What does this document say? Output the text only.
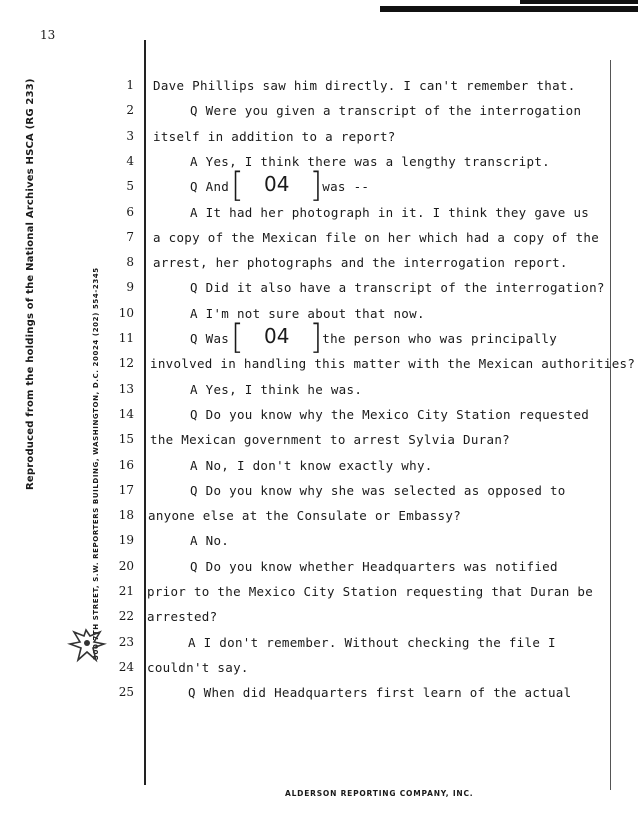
13
Reproduced from the holdings of the National Archives HSCA (RG 233)	300 7TH STREET, S.W. REPORTERS BUILDING, WASHINGTON, D.C. 20024 (202) 554-2345
1 Dave Phillips saw him directly. I can't remember that.
2	Q Were you given a transcript of the interrogation
3 itself in addition to a report?
4	A Yes, I think there was a lengthy transcript.
5	Q And [ 04 ] was --
6	A It had her photograph in it. I think they gave us
7 a copy of the Mexican file on her which had a copy of the
8 arrest, her photographs and the interrogation report.
9	Q Did it also have a transcript of the interrogation?
10	A I'm not sure about that now.
11	Q Was [ 04 ] the person who was principally
12 involved in handling this matter with the Mexican authorities?
13	A Yes, I think he was.
14	Q Do you know why the Mexico City Station requested
15 the Mexican government to arrest Sylvia Duran?
16	A No, I don't know exactly why.
17	Q Do you know why she was selected as opposed to
18 anyone else at the Consulate or Embassy?
19	A No.
20	Q Do you know whether Headquarters was notified
21 prior to the Mexico City Station requesting that Duran be
22 arrested?
23	A I don't remember. Without checking the file I
24 couldn't say.
25	Q When did Headquarters first learn of the actual
ALDERSON REPORTING COMPANY, INC.
